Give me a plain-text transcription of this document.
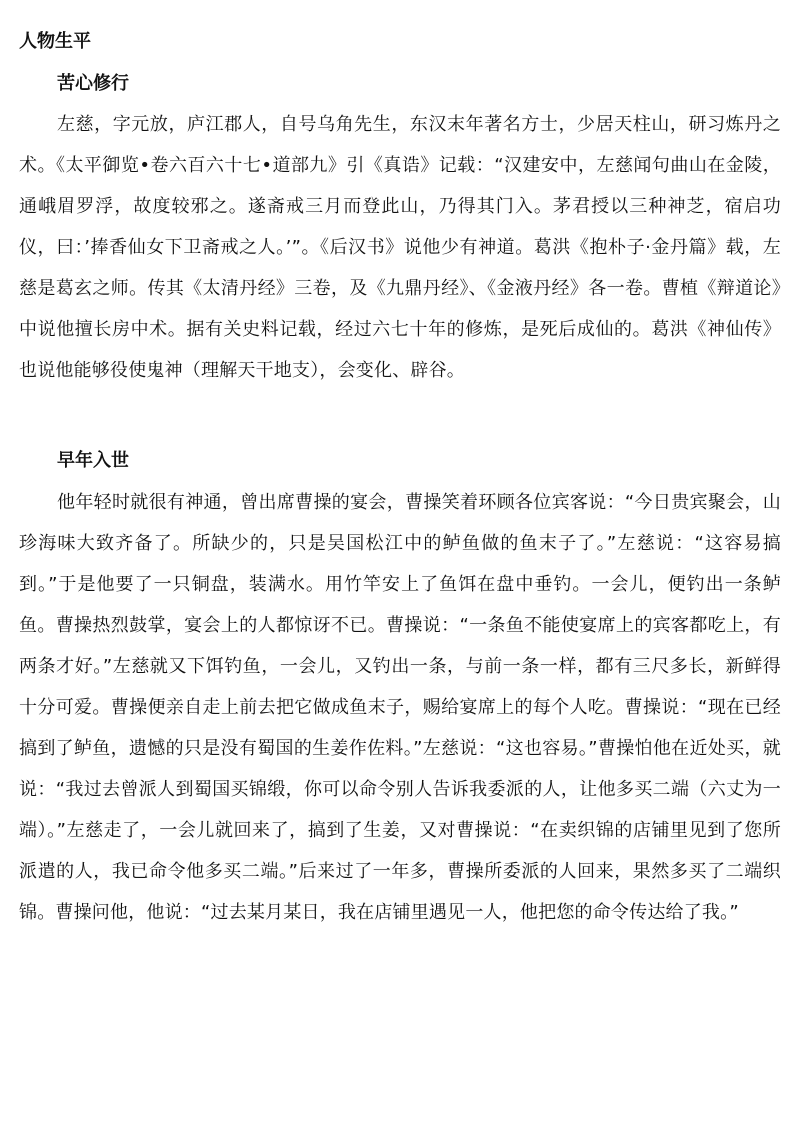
人物生平
苦心修行

左慈，字元放，庐江郡人，自号乌角先生，东汉末年著名方士，少居天柱山，研习炼丹之术。《太平御览•卷六百六十七•道部九》引《真诰》记载：“汉建安中，左慈闻句曲山在金陵，通峨眉罗浮，故度较邪之。遂斋戒三月而登此山，乃得其门入。茅君授以三种神芝，宿启功仪，曰：’捧香仙女下卫斋戒之人。’”。《后汉书》说他少有神道。葛洪《抱朴子·金丹篇》载，左慈是葛玄之师。传其《太清丹经》三卷，及《九鼎丹经》、《金液丹经》各一卷。曹植《辩道论》中说他擅长房中术。据有关史料记载，经过六七十年的修炼，是死后成仙的。葛洪《神仙传》也说他能够役使鬼神（理解天干地支），会变化、辟谷。

早年入世

他年轻时就很有神通，曾出席曹操的宴会，曹操笑着环顾各位宾客说：“今日贵宾聚会，山珍海味大致齐备了。所缺少的，只是吴国松江中的鲈鱼做的鱼末子了。”左慈说：“这容易搞到。”于是他要了一只铜盘，装满水。用竹竿安上了鱼饵在盘中垂钓。一会儿，便钓出一条鲈鱼。曹操热烈鼓掌，宴会上的人都惊讶不已。曹操说：“一条鱼不能使宴席上的宾客都吃上，有两条才好。”左慈就又下饵钓鱼，一会儿，又钓出一条，与前一条一样，都有三尺多长，新鲜得十分可爱。曹操便亲自走上前去把它做成鱼末子，赐给宴席上的每个人吃。曹操说：“现在已经搞到了鲈鱼，遗憾的只是没有蜀国的生姜作佐料。”左慈说：“这也容易。”曹操怕他在近处买，就说：“我过去曾派人到蜀国买锦缎，你可以命令别人告诉我委派的人，让他多买二端（六丈为一端）。”左慈走了，一会儿就回来了，搞到了生姜，又对曹操说：“在卖织锦的店铺里见到了您所派遣的人，我已命令他多买二端。”后来过了一年多，曹操所委派的人回来，果然多买了二端织锦。曹操问他，他说：“过去某月某日，我在店铺里遇见一人，他把您的命令传达给了我。”
